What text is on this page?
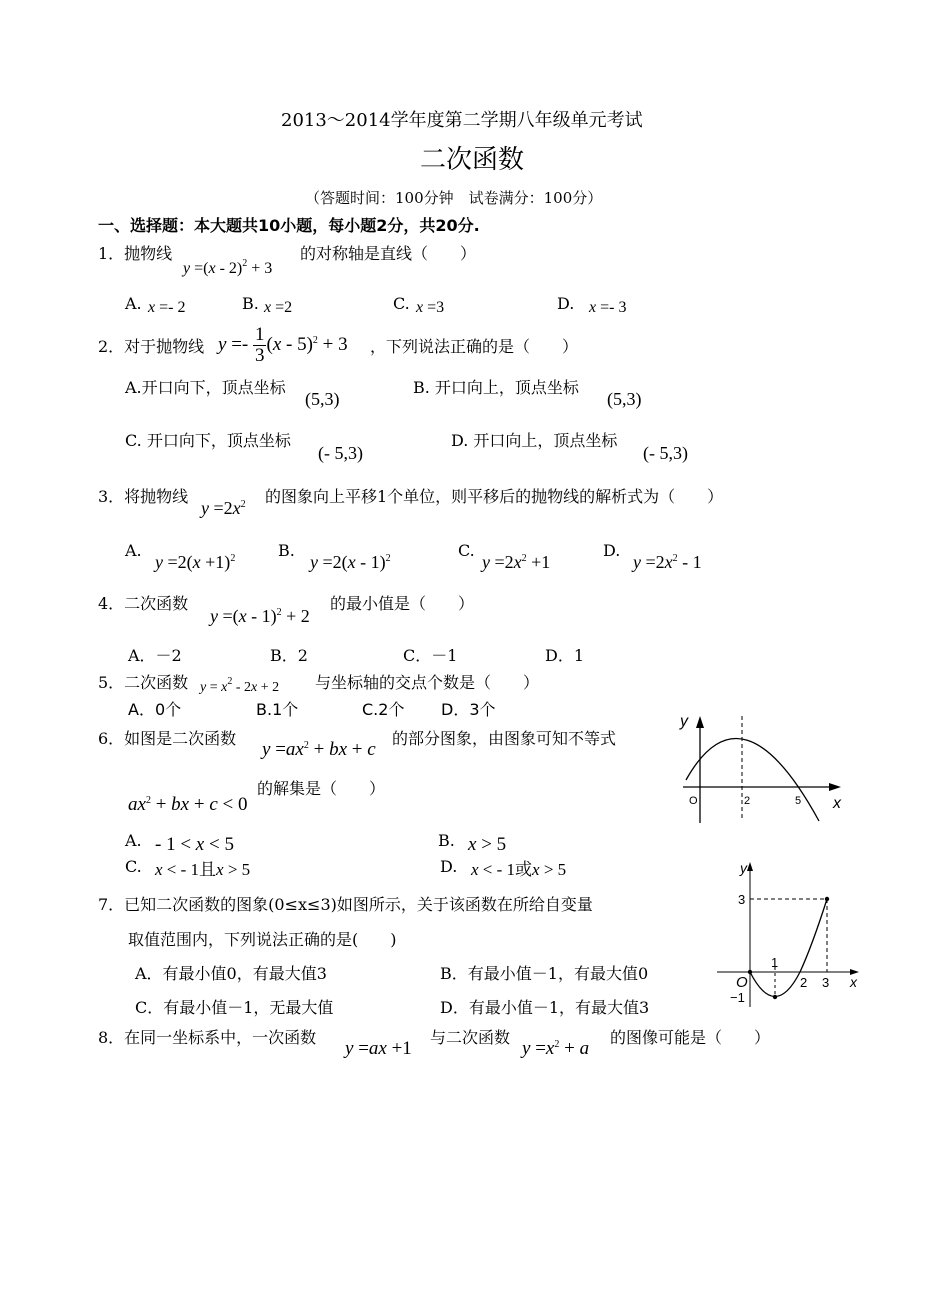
2013～2014学年度第二学期八年级单元考试
二次函数
（答题时间：100分钟　试卷满分：100分）
一、选择题：本大题共10小题，每小题2分，共20分.
1．抛物线
y =(x - 2)$^2$ + 3
的对称轴是直线（　　）
A. x =- 2	B. x =2	C. x =3	D. x =- 3
2．对于抛物线 $y =- \frac{1}{3} (x - 5)^2 + 3$ ，下列说法正确的是（　　）
A.开口向下，顶点坐标
(5,3)
B. 开口向上，顶点坐标
(5,3)
C. 开口向下，顶点坐标
(- 5,3)
D. 开口向上，顶点坐标
(- 5,3)
3．将抛物线
$y =2x^2$ 的图象向上平移1个单位，则平移后的抛物线的解析式为（　　）
A.
$y =2(x +1)^2$	B.
y =2(x - 1)$^2$	C.
$y =2x^2 +1$
D.
$y =2x^2 - 1$
4．二次函数
y =(x - 1)$^2$ + 2
的最小值是（　　）
A．－2	B．2	C．－1	D．1
5．二次函数 $y = x^2 - 2x + 2$ 与坐标轴的交点个数是（　　）
A．0个	B.1个	C.2个 D．3个
6．如图是二次函数
$y =ax^2$ + bx + c
的部分图象，由图象可知不等式
$ax^2$ + bx + c < 0
的解集是（　　）
A. - 1 < x < 5	B. x > 5
C. x < - 1且x > 5	D. x < - 1或x > 5
y
O	2	5 x
7．已知二次函数的图象(0≤x≤3)如图所示，关于该函数在所给自变量
取值范围内，下列说法正确的是(　　)
A．有最小值0，有最大值3	B．有最小值－1，有最大值0
C．有最小值－1，无最大值	D．有最小值－1，有最大值3
y
3
1
O	2 3
−1
x
8．在同一坐标系中，一次函数
y =ax +1
与二次函数
$y =x^2 + a$
的图像可能是（　　）
